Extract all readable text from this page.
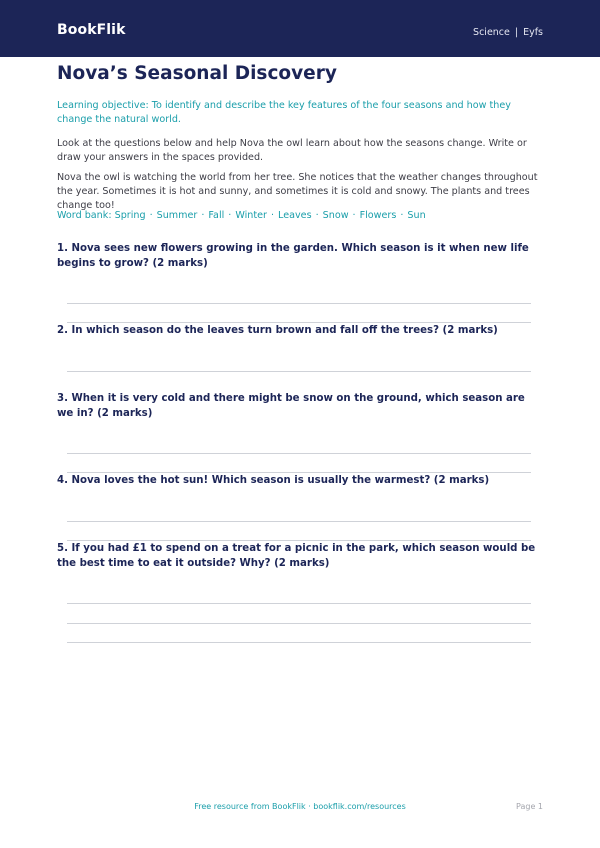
BookFlik	Science | Eyfs
Nova’s Seasonal Discovery

Learning objective: To identify and describe the key features of the four seasons and how they change the natural world.

Look at the questions below and help Nova the owl learn about how the seasons change. Write or draw your answers in the spaces provided.

Nova the owl is watching the world from her tree. She notices that the weather changes throughout the year. Sometimes it is hot and sunny, and sometimes it is cold and snowy. The plants and trees change too!

Word bank: Spring · Summer · Fall · Winter · Leaves · Snow · Flowers · Sun

1. Nova sees new flowers growing in the garden. Which season is it when new life begins to grow? (2 marks)

2. In which season do the leaves turn brown and fall off the trees? (2 marks)

3. When it is very cold and there might be snow on the ground, which season are we in? (2 marks)

4. Nova loves the hot sun! Which season is usually the warmest? (2 marks)

5. If you had £1 to spend on a treat for a picnic in the park, which season would be the best time to eat it outside? Why? (2 marks)

Free resource from BookFlik · bookflik.com/resources	Page 1
